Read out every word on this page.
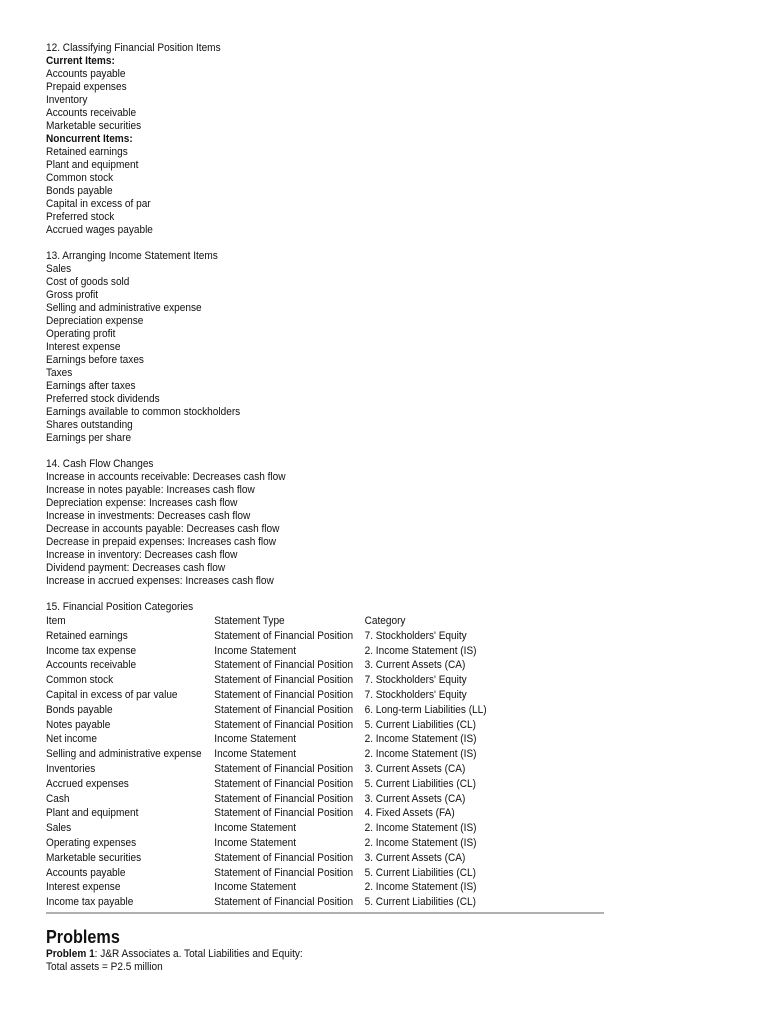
12. Classifying Financial Position Items
Current Items:
Accounts payable
Prepaid expenses
Inventory
Accounts receivable
Marketable securities
Noncurrent Items:
Retained earnings
Plant and equipment
Common stock
Bonds payable
Capital in excess of par
Preferred stock
Accrued wages payable
13. Arranging Income Statement Items
Sales
Cost of goods sold
Gross profit
Selling and administrative expense
Depreciation expense
Operating profit
Interest expense
Earnings before taxes
Taxes
Earnings after taxes
Preferred stock dividends
Earnings available to common stockholders
Shares outstanding
Earnings per share
14. Cash Flow Changes
Increase in accounts receivable: Decreases cash flow
Increase in notes payable: Increases cash flow
Depreciation expense: Increases cash flow
Increase in investments: Decreases cash flow
Decrease in accounts payable: Decreases cash flow
Decrease in prepaid expenses: Increases cash flow
Increase in inventory: Decreases cash flow
Dividend payment: Decreases cash flow
Increase in accrued expenses: Increases cash flow
15. Financial Position Categories
Item	Statement Type	Category
Retained earnings	Statement of Financial Position	7. Stockholders' Equity
Income tax expense	Income Statement	2. Income Statement (IS)
Accounts receivable	Statement of Financial Position	3. Current Assets (CA)
Common stock	Statement of Financial Position	7. Stockholders' Equity
Capital in excess of par value	Statement of Financial Position	7. Stockholders' Equity
Bonds payable	Statement of Financial Position	6. Long-term Liabilities (LL)
Notes payable	Statement of Financial Position	5. Current Liabilities (CL)
Net income	Income Statement	2. Income Statement (IS)
Selling and administrative expense	Income Statement	2. Income Statement (IS)
Inventories	Statement of Financial Position	3. Current Assets (CA)
Accrued expenses	Statement of Financial Position	5. Current Liabilities (CL)
Cash	Statement of Financial Position	3. Current Assets (CA)
Plant and equipment	Statement of Financial Position	4. Fixed Assets (FA)
Sales	Income Statement	2. Income Statement (IS)
Operating expenses	Income Statement	2. Income Statement (IS)
Marketable securities	Statement of Financial Position	3. Current Assets (CA)
Accounts payable	Statement of Financial Position	5. Current Liabilities (CL)
Interest expense	Income Statement	2. Income Statement (IS)
Income tax payable	Statement of Financial Position	5. Current Liabilities (CL)
Problems
Problem 1: J&R Associates a. Total Liabilities and Equity:
Total assets = P2.5 million
